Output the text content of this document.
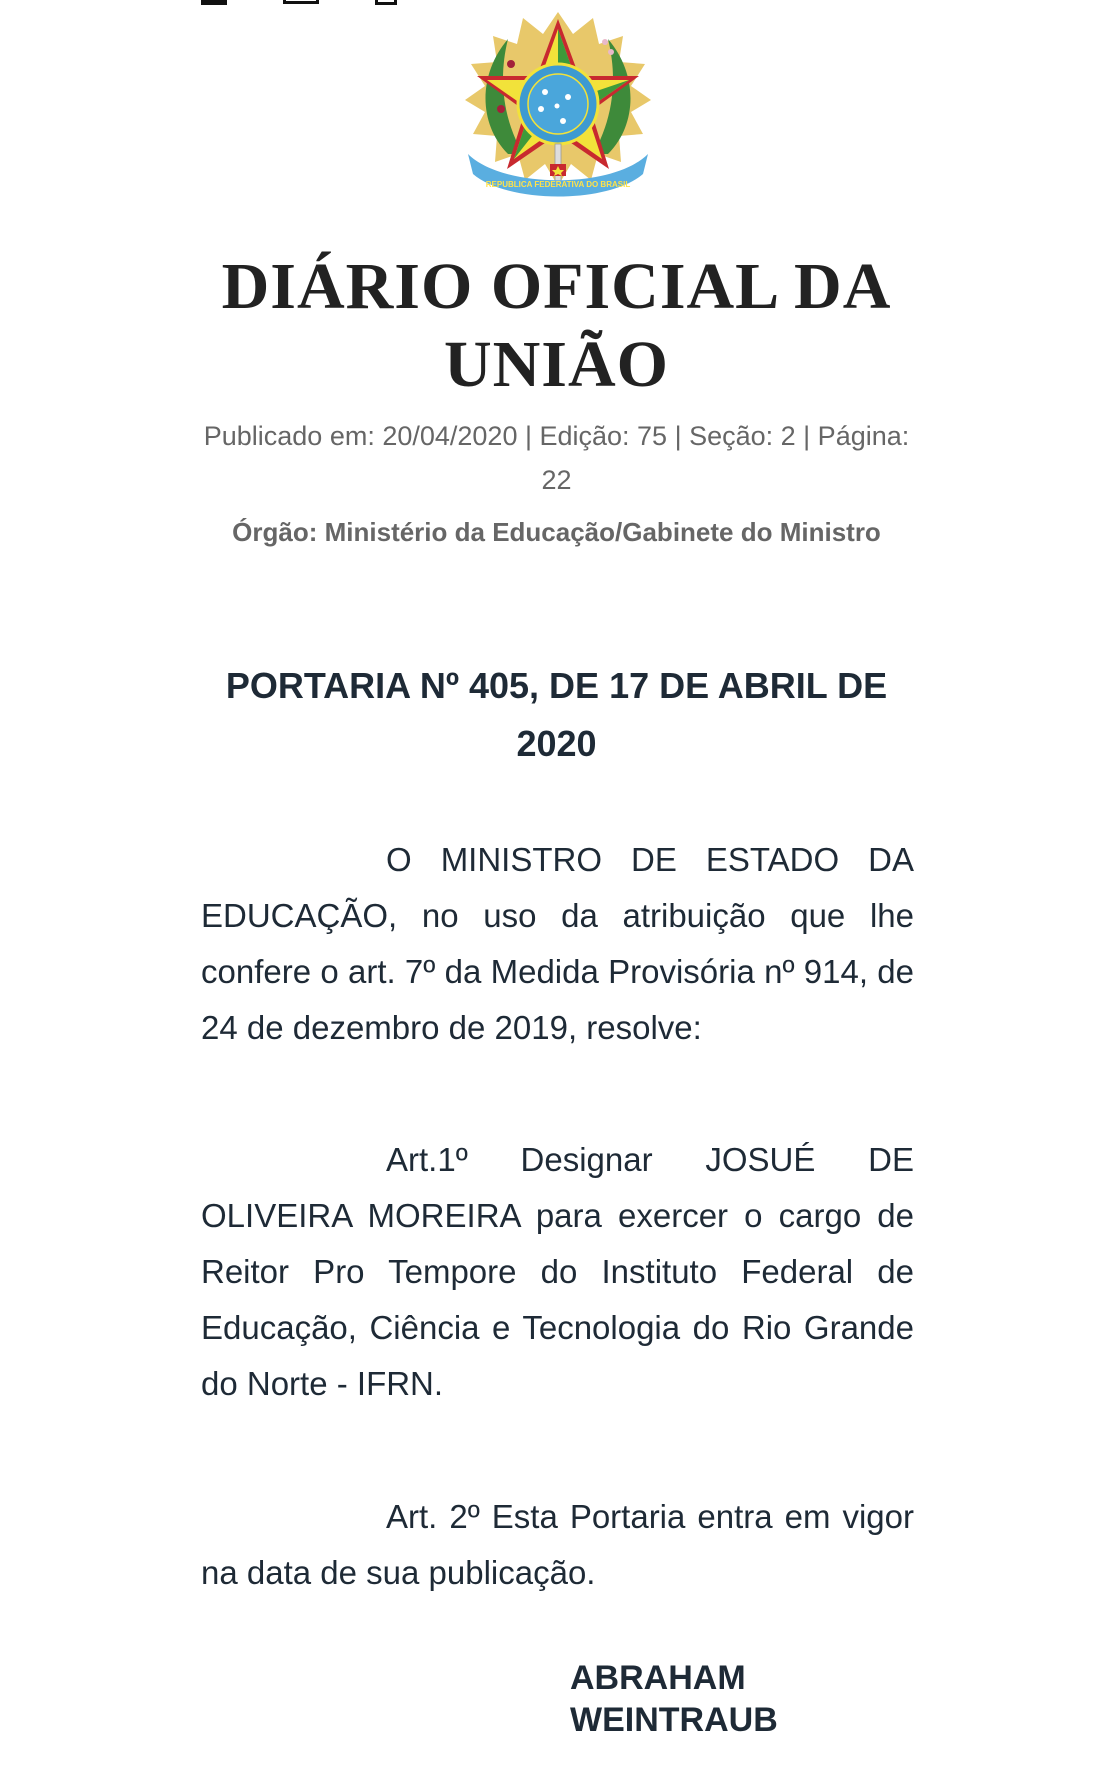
REPUBLICA FEDERATIVA DO BRASIL
DIÁRIO OFICIAL DA UNIÃO
Publicado em: 20/04/2020 | Edição: 75 | Seção: 2 | Página: 22
Órgão: Ministério da Educação/Gabinete do Ministro
PORTARIA Nº 405, DE 17 DE ABRIL DE 2020

O MINISTRO DE ESTADO DA EDUCAÇÃO, no uso da atribuição que lhe confere o art. 7º da Medida Provisória nº 914, de 24 de dezembro de 2019, resolve:

Art.1º Designar JOSUÉ DE OLIVEIRA MOREIRA para exercer o cargo de Reitor Pro Tempore do Instituto Federal de Educação, Ciência e Tecnologia do Rio Grande do Norte - IFRN.

Art. 2º Esta Portaria entra em vigor na data de sua publicação.

ABRAHAM WEINTRAUB
